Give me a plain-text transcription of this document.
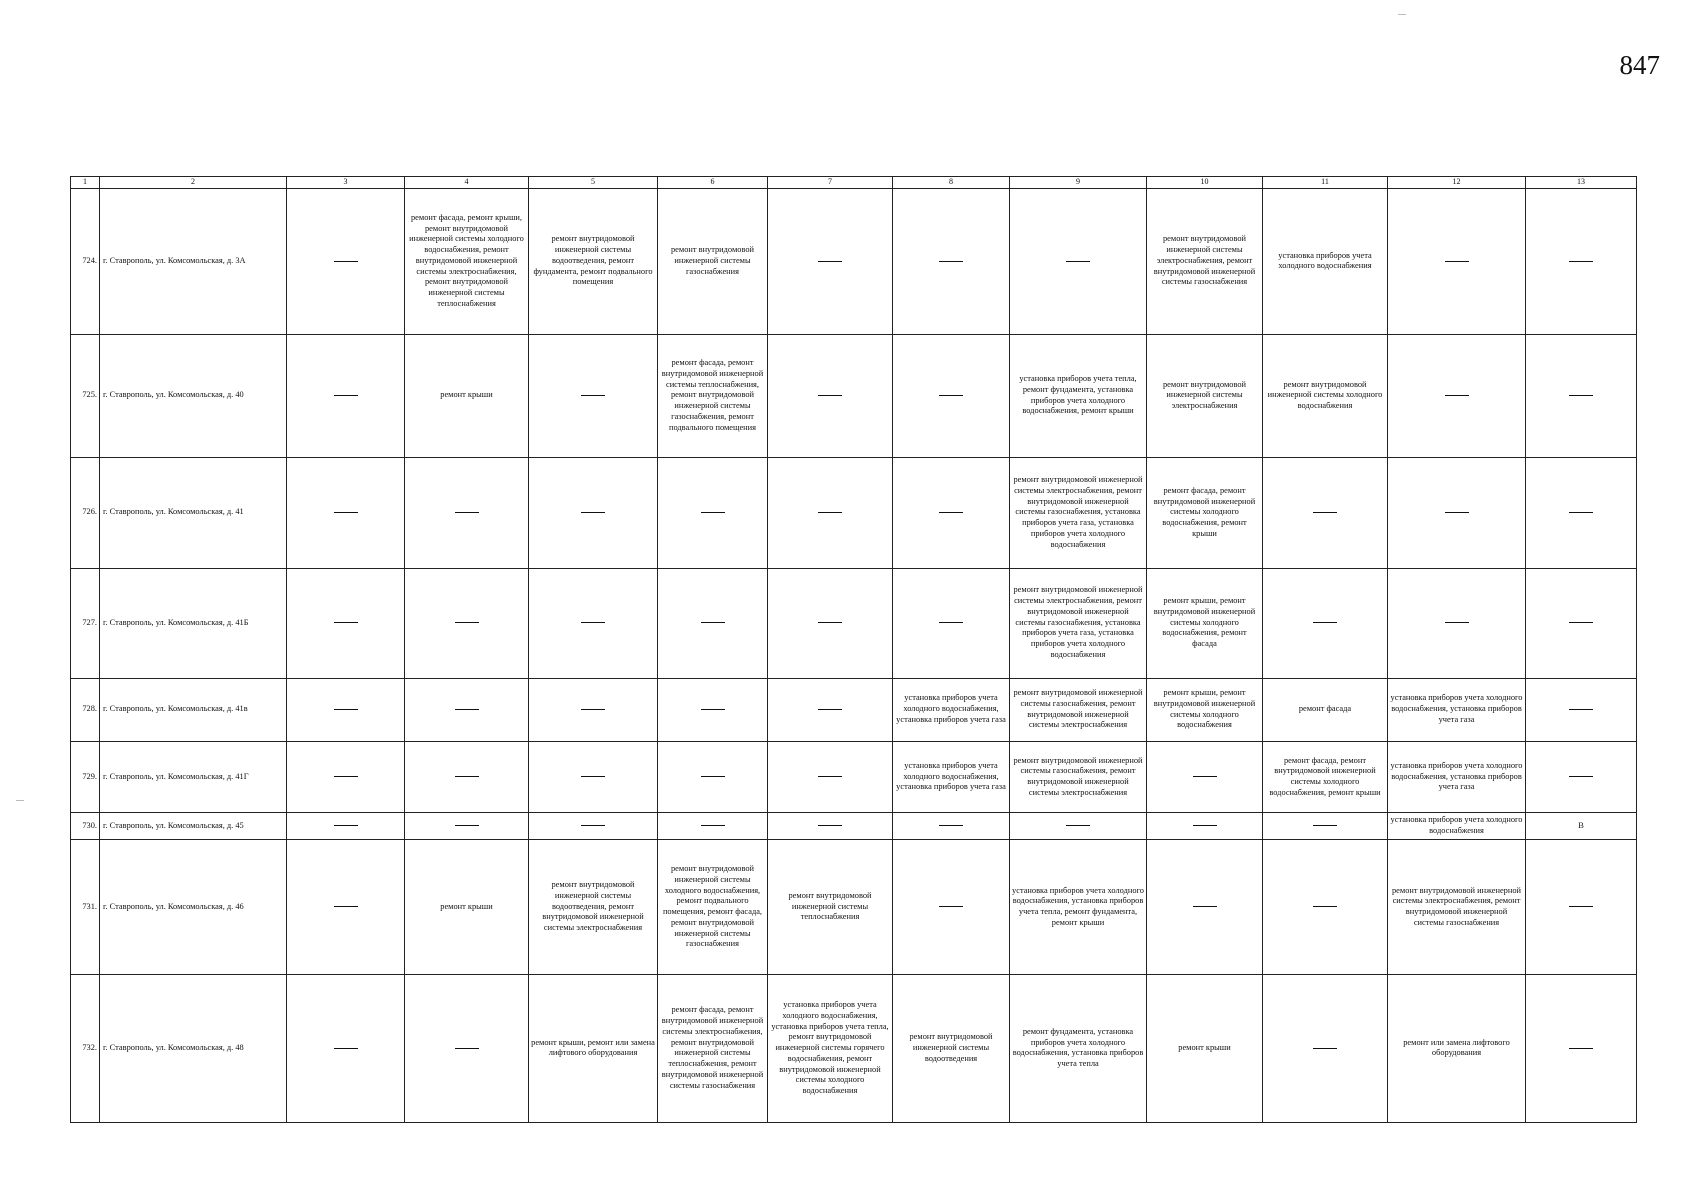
847
1	2	3	4	5	6	7	8	9	10	11	12	13
724.	г. Ставрополь, ул. Комсомольская, д. 3А		ремонт фасада, ремонт крыши, ремонт внутридомовой инженерной системы холодного водоснабжения, ремонт внутридомовой инженерной системы электроснабжения, ремонт внутридомовой инженерной системы теплоснабжения	ремонт внутридомовой инженерной системы водоотведения, ремонт фундамента, ремонт подвального помещения	ремонт внутридомовой инженерной системы газоснабжения				ремонт внутридомовой инженерной системы электроснабжения, ремонт внутридомовой инженерной системы газоснабжения	установка приборов учета холодного водоснабжения		
725.	г. Ставрополь, ул. Комсомольская, д. 40		ремонт крыши		ремонт фасада, ремонт внутридомовой инженерной системы теплоснабжения, ремонт внутридомовой инженерной системы газоснабжения, ремонт подвального помещения			установка приборов учета тепла, ремонт фундамента, установка приборов учета холодного водоснабжения, ремонт крыши	ремонт внутридомовой инженерной системы электроснабжения	ремонт внутридомовой инженерной системы холодного водоснабжения		
726.	г. Ставрополь, ул. Комсомольская, д. 41							ремонт внутридомовой инженерной системы электроснабжения, ремонт внутридомовой инженерной системы газоснабжения, установка приборов учета газа, установка приборов учета холодного водоснабжения	ремонт фасада, ремонт внутридомовой инженерной системы холодного водоснабжения, ремонт крыши			
727.	г. Ставрополь, ул. Комсомольская, д. 41Б							ремонт внутридомовой инженерной системы электроснабжения, ремонт внутридомовой инженерной системы газоснабжения, установка приборов учета газа, установка приборов учета холодного водоснабжения	ремонт крыши, ремонт внутридомовой инженерной системы холодного водоснабжения, ремонт фасада			
728.	г. Ставрополь, ул. Комсомольская, д. 41в						установка приборов учета холодного водоснабжения, установка приборов учета газа	ремонт внутридомовой инженерной системы газоснабжения, ремонт внутридомовой инженерной системы электроснабжения	ремонт крыши, ремонт внутридомовой инженерной системы холодного водоснабжения	ремонт фасада	установка приборов учета холодного водоснабжения, установка приборов учета газа	
729.	г. Ставрополь, ул. Комсомольская, д. 41Г						установка приборов учета холодного водоснабжения, установка приборов учета газа	ремонт внутридомовой инженерной системы газоснабжения, ремонт внутридомовой инженерной системы электроснабжения		ремонт фасада, ремонт внутридомовой инженерной системы холодного водоснабжения, ремонт крыши	установка приборов учета холодного водоснабжения, установка приборов учета газа	
730.	г. Ставрополь, ул. Комсомольская, д. 45										установка приборов учета холодного водоснабжения	В
731.	г. Ставрополь, ул. Комсомольская, д. 46		ремонт крыши	ремонт внутридомовой инженерной системы водоотведения, ремонт внутридомовой инженерной системы электроснабжения	ремонт внутридомовой инженерной системы холодного водоснабжения, ремонт подвального помещения, ремонт фасада, ремонт внутридомовой инженерной системы газоснабжения	ремонт внутридомовой инженерной системы теплоснабжения		установка приборов учета холодного водоснабжения, установка приборов учета тепла, ремонт фундамента, ремонт крыши			ремонт внутридомовой инженерной системы электроснабжения, ремонт внутридомовой инженерной системы газоснабжения	
732.	г. Ставрополь, ул. Комсомольская, д. 48			ремонт крыши, ремонт или замена лифтового оборудования	ремонт фасада, ремонт внутридомовой инженерной системы электроснабжения, ремонт внутридомовой инженерной системы теплоснабжения, ремонт внутридомовой инженерной системы газоснабжения	установка приборов учета холодного водоснабжения, установка приборов учета тепла, ремонт внутридомовой инженерной системы горячего водоснабжения, ремонт внутридомовой инженерной системы холодного водоснабжения	ремонт внутридомовой инженерной системы водоотведения	ремонт фундамента, установка приборов учета холодного водоснабжения, установка приборов учета тепла	ремонт крыши		ремонт или замена лифтового оборудования	
